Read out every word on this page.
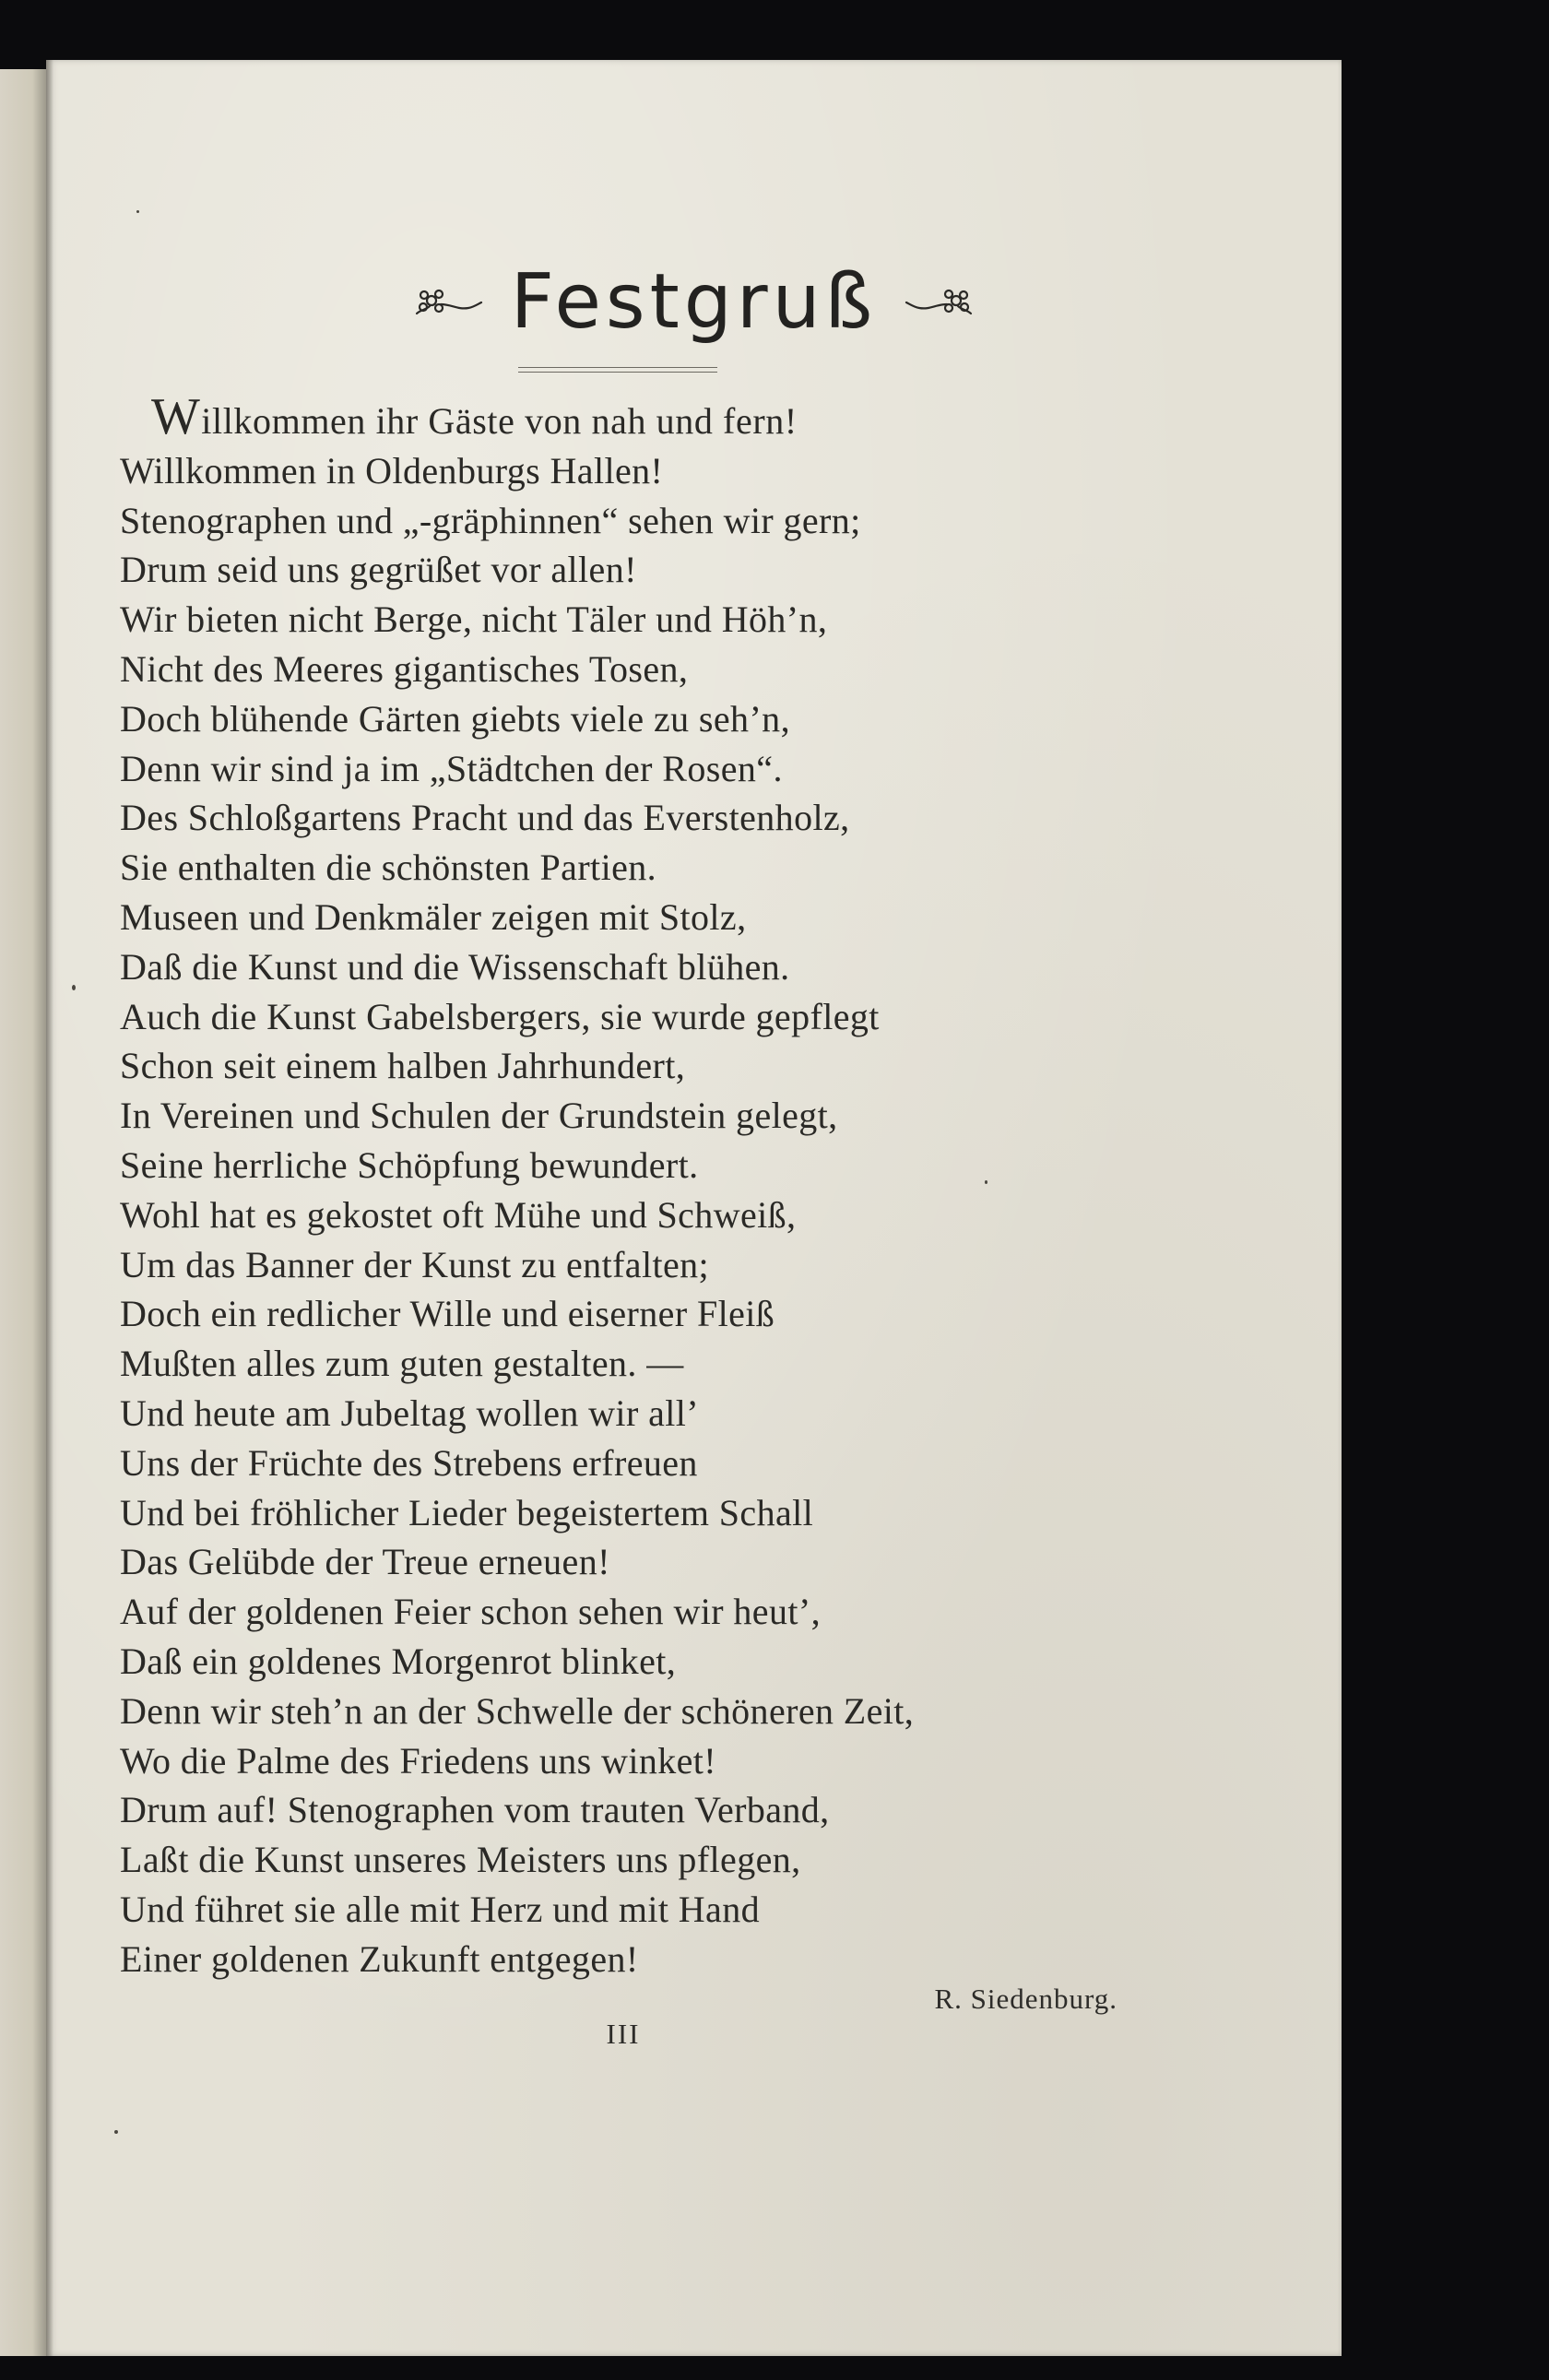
Festgruß
Willkommen ihr Gäste von nah und fern!
Willkommen in Oldenburgs Hallen!
Stenographen und „-gräphinnen“ sehen wir gern;
Drum seid uns gegrüßet vor allen!
Wir bieten nicht Berge, nicht Täler und Höh’n,
Nicht des Meeres gigantisches Tosen,
Doch blühende Gärten giebts viele zu seh’n,
Denn wir sind ja im „Städtchen der Rosen“.
Des Schloßgartens Pracht und das Everstenholz,
Sie enthalten die schönsten Partien.
Museen und Denkmäler zeigen mit Stolz,
Daß die Kunst und die Wissenschaft blühen.
Auch die Kunst Gabelsbergers, sie wurde gepflegt
Schon seit einem halben Jahrhundert,
In Vereinen und Schulen der Grundstein gelegt,
Seine herrliche Schöpfung bewundert.
Wohl hat es gekostet oft Mühe und Schweiß,
Um das Banner der Kunst zu entfalten;
Doch ein redlicher Wille und eiserner Fleiß
Mußten alles zum guten gestalten. —
Und heute am Jubeltag wollen wir all’
Uns der Früchte des Strebens erfreuen
Und bei fröhlicher Lieder begeistertem Schall
Das Gelübde der Treue erneuen!
Auf der goldenen Feier schon sehen wir heut’,
Daß ein goldenes Morgenrot blinket,
Denn wir steh’n an der Schwelle der schöneren Zeit,
Wo die Palme des Friedens uns winket!
Drum auf! Stenographen vom trauten Verband,
Laßt die Kunst unseres Meisters uns pflegen,
Und führet sie alle mit Herz und mit Hand
Einer goldenen Zukunft entgegen!
R. Siedenburg.
III
